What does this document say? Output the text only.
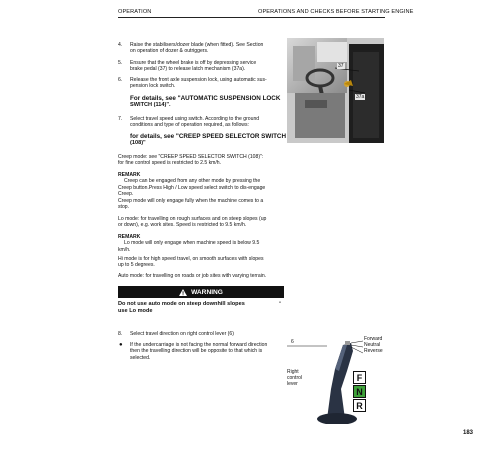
OPERATION	OPERATIONS AND CHECKS BEFORE STARTING ENGINE
4. Raise the stabilisers/dozer blade (when fitted). See Section
on operation of dozer & outriggers.
5. Ensure that the wheel brake is off by depressing service
brake pedal (37) to release latch mechanism (37a).
6. Release the front axle suspension lock, using automatic sus-
pension lock switch.
For details, see "AUTOMATIC SUSPENSION LOCK
SWITCH (114)".
7. Select travel speed using switch. According to the ground
conditions and type of operation required, as follows:
for details, see "CREEP SPEED SELECTOR SWITCH
(108)"
37
37a
Creep mode: see "CREEP SPEED SELECTOR SWITCH (108)":
for fine control speed is restricted to 2.5 km/h.
REMARK
Creep can be engaged from any other mode by pressing the
Creep button.Press High / Low speed select switch to dis-engage
Creep.
Creep mode will only engage fully when the machine comes to a
stop.
Lo mode: for travelling on rough surfaces and on steep slopes (up
or down), e.g. work sites. Speed is restricted to 9.5 km/h.
REMARK
Lo mode will only engage when machine speed is below 9.5
km/h.
Hi mode is for high speed travel, on smooth surfaces with slopes
up to 5 degrees.
Auto mode: for travelling on roads or job sites with varying terrain.
WARNING
Do not use auto mode on steep downhill slopes
use Lo mode
-
8. Select travel direction on right control lever (6)
● If the undercarriage is not facing the normal forward direction
then the travelling direction will be opposite to that which is
selected.
6	Forward
Neutral
Reverse
Right
control
lever
F
N
R
183
